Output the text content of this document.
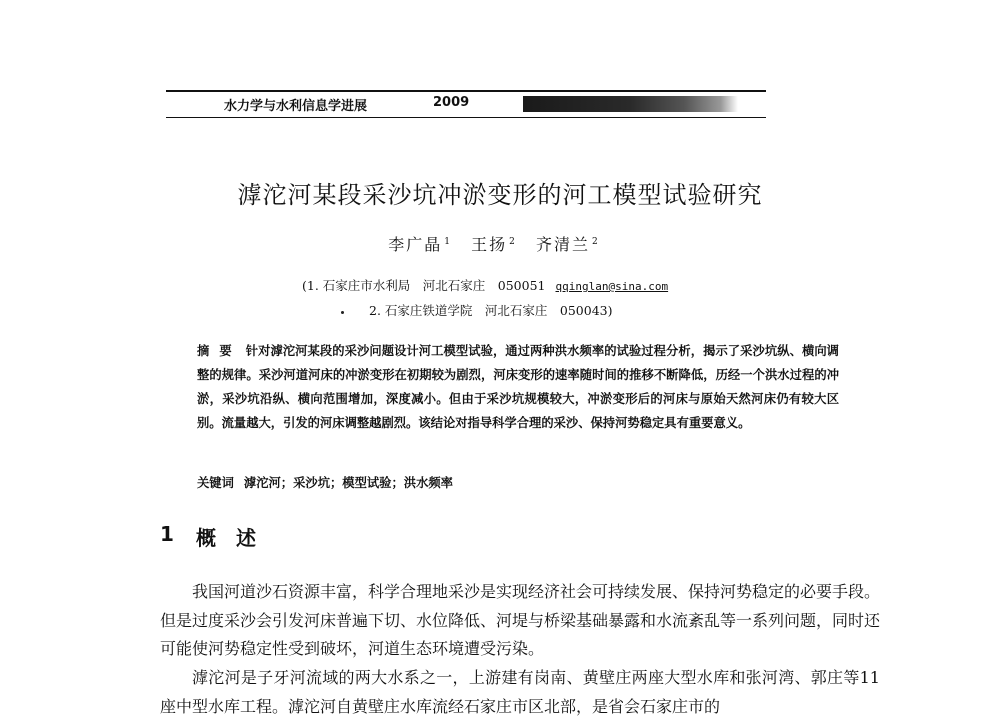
水力学与水利信息学进展	2009
滹沱河某段采沙坑冲淤变形的河工模型试验研究
李广晶 $^1$ 王扬 $^2$ 齐清兰 $^2$
(1. 石家庄市水利局　河北石家庄　050051 qqinglan@sina.com
2. 石家庄铁道学院　河北石家庄　050043)
摘要 针对滹沱河某段的采沙问题设计河工模型试验，通过两种洪水频率的试验过程分析，揭示了采沙坑纵、横向调整的规律。采沙河道河床的冲淤变形在初期较为剧烈，河床变形的速率随时间的推移不断降低，历经一个洪水过程的冲淤，采沙坑沿纵、横向范围增加，深度减小。但由于采沙坑规模较大，冲淤变形后的河床与原始天然河床仍有较大区别。流量越大，引发的河床调整越剧烈。该结论对指导科学合理的采沙、保持河势稳定具有重要意义。
关键词 滹沱河；采沙坑；模型试验；洪水频率
1 概述
我国河道沙石资源丰富，科学合理地采沙是实现经济社会可持续发展、保持河势稳定的必要手段。但是过度采沙会引发河床普遍下切、水位降低、河堤与桥梁基础暴露和水流紊乱等一系列问题，同时还可能使河势稳定性受到破坏，河道生态环境遭受污染。
滹沱河是子牙河流域的两大水系之一，上游建有岗南、黄壁庄两座大型水库和张河湾、郭庄等11座中型水库工程。滹沱河自黄壁庄水库流经石家庄市区北部，是省会石家庄市的
